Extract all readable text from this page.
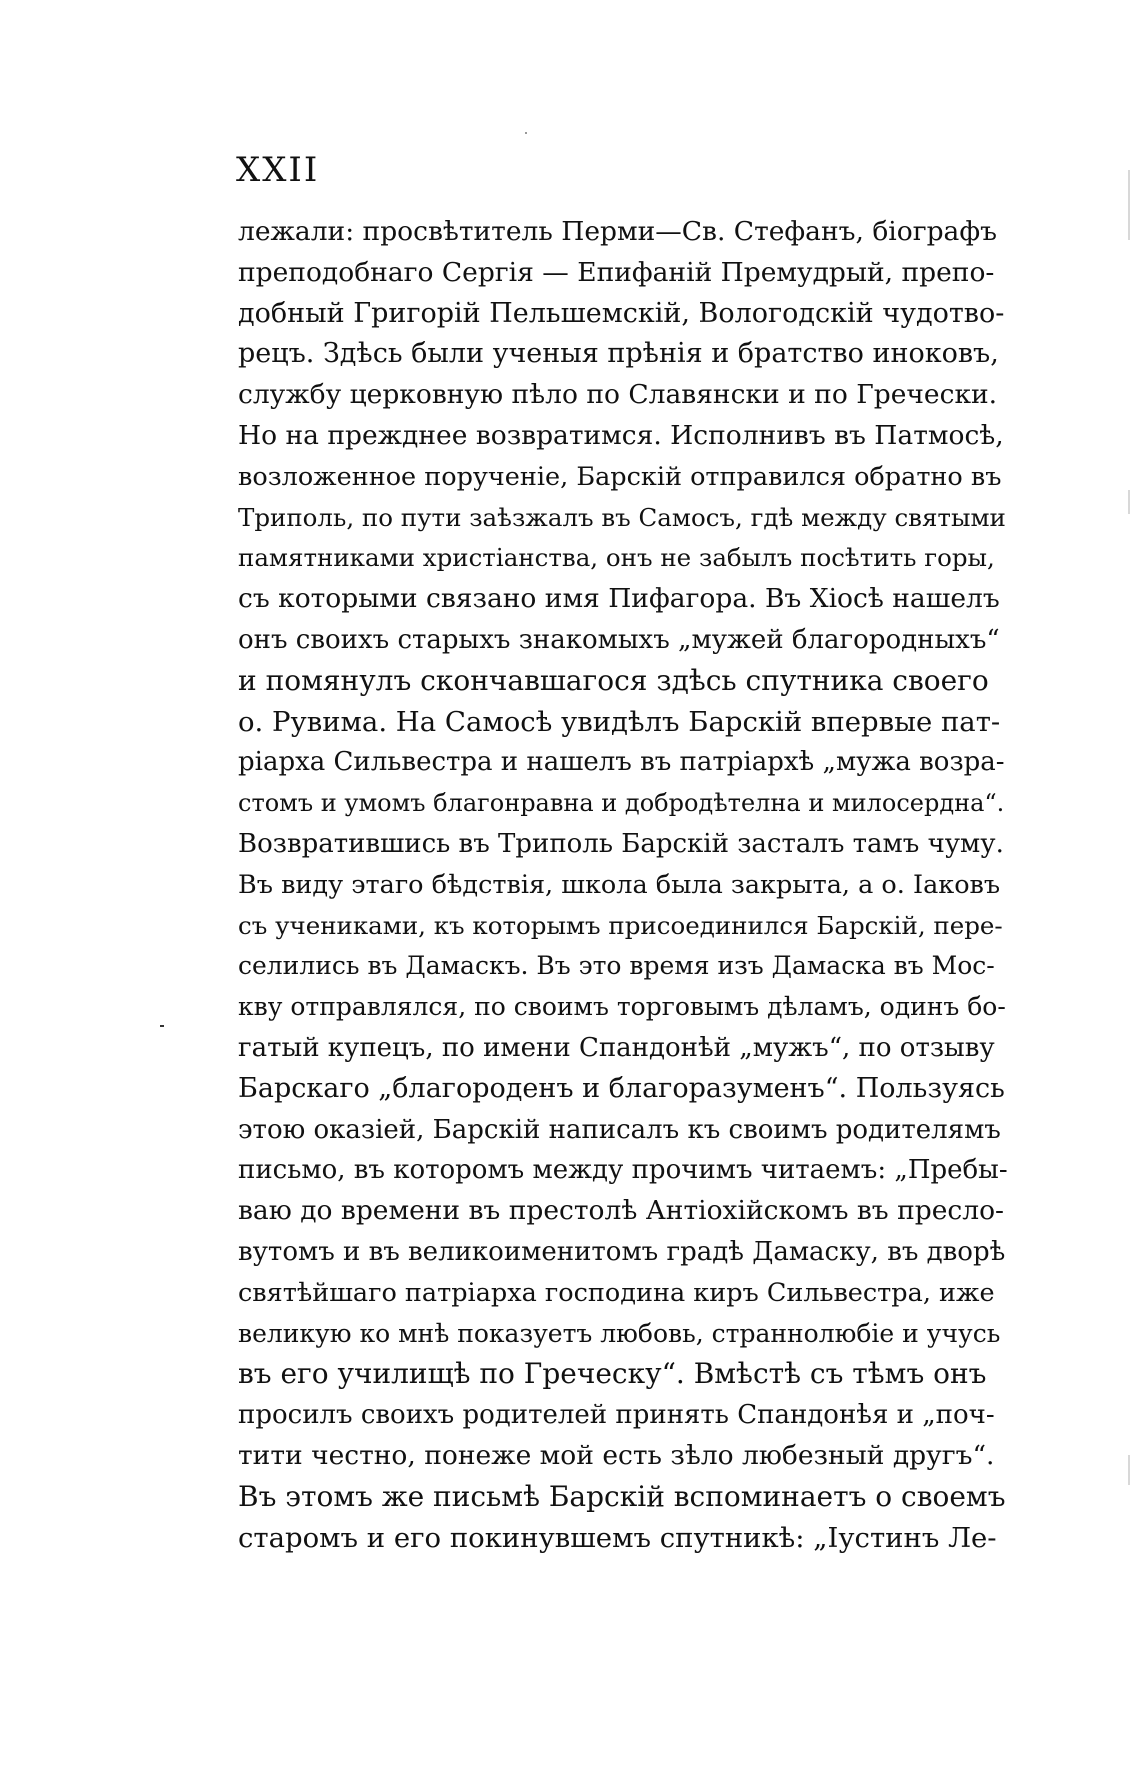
XXII
лежали: просвѣтитель Перми—Св. Стефанъ, біографъ
преподобнаго Сергія — Епифаній Премудрый, препо-
добный Григорій Пельшемскій, Вологодскій чудотво-
рецъ. Здѣсь были ученыя прѣнія и братство иноковъ,
службу церковную пѣло по Славянски и по Гречески.
Но на прежднее возвратимся. Исполнивъ въ Патмосѣ,
возложенное порученіе, Барскій отправился обратно въ
Триполь, по пути заѣзжалъ въ Самосъ, гдѣ между святыми
памятниками христіанства, онъ не забылъ посѣтить горы,
съ которыми связано имя Пифагора. Въ Хіосѣ нашелъ
онъ своихъ старыхъ знакомыхъ „мужей благородныхъ“
и помянулъ скончавшагося здѣсь спутника своего
о. Рувима. На Самосѣ увидѣлъ Барскій впервые пат-
ріарха Сильвестра и нашелъ въ патріархѣ „мужа возра-
стомъ и умомъ благонравна и добродѣтелна и милосердна“.
Возвратившись въ Триполь Барскій засталъ тамъ чуму.
Въ виду этаго бѣдствія, школа была закрыта, а о. Іаковъ
съ учениками, къ которымъ присоединился Барскій, пере-
селились въ Дамаскъ. Въ это время изъ Дамаска въ Мос-
кву отправлялся, по своимъ торговымъ дѣламъ, одинъ бо-
гатый купецъ, по имени Спандонѣй „мужъ“, по отзыву
Барскаго „благороденъ и благоразуменъ“. Пользуясь
этою оказіей, Барскій написалъ къ своимъ родителямъ
письмо, въ которомъ между прочимъ читаемъ: „Пребы-
ваю до времени въ престолѣ Антіохійскомъ въ пресло-
вутомъ и въ великоименитомъ градѣ Дамаску, въ дворѣ
святѣйшаго патріарха господина киръ Сильвестра, иже
великую ко мнѣ показуетъ любовь, страннолюбіе и учусь
въ его училищѣ по Греческу“. Вмѣстѣ съ тѣмъ онъ
просилъ своихъ родителей принять Спандонѣя и „поч-
тити честно, понеже мой есть зѣло любезный другъ“.
Въ этомъ же письмѣ Барскій вспоминаетъ о своемъ
старомъ и его покинувшемъ спутникѣ: „Іустинъ Ле-
